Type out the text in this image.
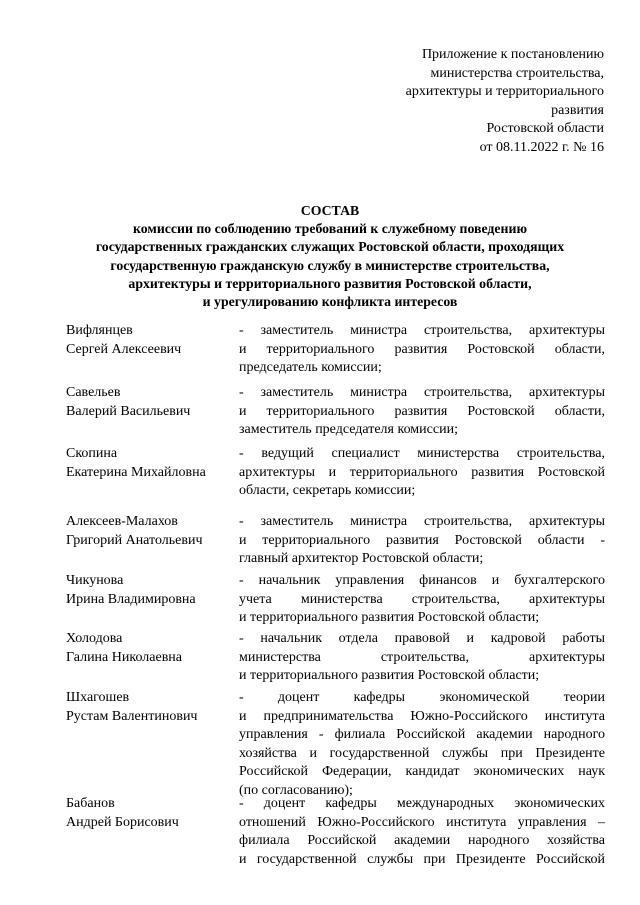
Приложение к постановлению
министерства строительства,
архитектуры и территориального
развития
Ростовской области
от 08.11.2022 г. № 16
СОСТАВ
комиссии по соблюдению требований к служебному поведению
государственных гражданских служащих Ростовской области, проходящих
государственную гражданскую службу в министерстве строительства,
архитектуры и территориального развития Ростовской области,
и урегулированию конфликта интересов
Вифлянцев
Сергей Алексеевич
- заместитель министра строительства, архитектуры
и территориального развития Ростовской области,
председатель комиссии;
Савельев
Валерий Васильевич
- заместитель министра строительства, архитектуры
и территориального развития Ростовской области,
заместитель председателя комиссии;
Скопина
Екатерина Михайловна
- ведущий специалист министерства строительства,
архитектуры и территориального развития Ростовской
области, секретарь комиссии;
Алексеев-Малахов
Григорий Анатольевич
- заместитель министра строительства, архитектуры
и территориального развития Ростовской области -
главный архитектор Ростовской области;
Чикунова
Ирина Владимировна
- начальник управления финансов и бухгалтерского
учета министерства строительства, архитектуры
и территориального развития Ростовской области;
Холодова
Галина Николаевна
- начальник отдела правовой и кадровой работы
министерства строительства, архитектуры
и территориального развития Ростовской области;
Шхагошев
Рустам Валентинович
- доцент кафедры экономической теории
и предпринимательства Южно-Российского института
управления - филиала Российской академии народного
хозяйства и государственной службы при Президенте
Российской Федерации, кандидат экономических наук
(по согласованию);
Бабанов
Андрей Борисович
- доцент кафедры международных экономических
отношений Южно-Российского института управления –
филиала Российской академии народного хозяйства
и государственной службы при Президенте Российской
